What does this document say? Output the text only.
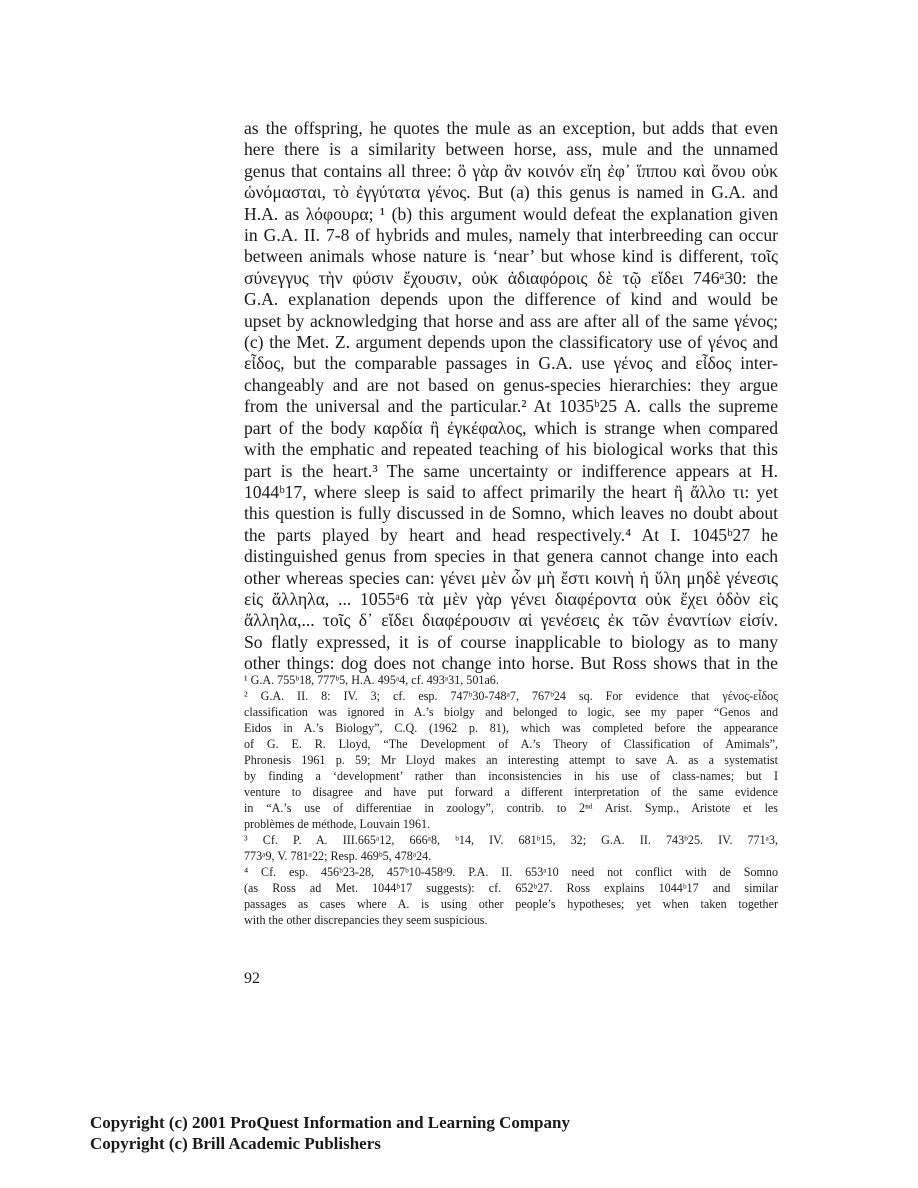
as the offspring, he quotes the mule as an exception, but adds that even
here there is a similarity between horse, ass, mule and the unnamed
genus that contains all three: ὃ γὰρ ἂν κοινόν εἴη ἐφ᾽ ἵππου καὶ ὄνου οὐκ
ὠνόμασται, τὸ ἐγγύτατα γένος. But (a) this genus is named in G.A. and
H.A. as λόφουρα; ¹ (b) this argument would defeat the explanation given
in G.A. II. 7-8 of hybrids and mules, namely that interbreeding can occur
between animals whose nature is ‘near’ but whose kind is different, τοῖς
σύνεγγυς τὴν φύσιν ἔχουσιν, οὐκ ἀδιαφόροις δὲ τῷ εἴδει 746ᵃ30: the
G.A. explanation depends upon the difference of kind and would be
upset by acknowledging that horse and ass are after all of the same γένος;
(c) the Met. Z. argument depends upon the classificatory use of γένος and
εἶδος, but the comparable passages in G.A. use γένος and εἶδος inter-
changeably and are not based on genus-species hierarchies: they argue
from the universal and the particular.² At 1035ᵇ25 A. calls the supreme
part of the body καρδία ἢ ἐγκέφαλος, which is strange when compared
with the emphatic and repeated teaching of his biological works that this
part is the heart.³ The same uncertainty or indifference appears at H.
1044ᵇ17, where sleep is said to affect primarily the heart ἢ ἄλλο τι: yet
this question is fully discussed in de Somno, which leaves no doubt about
the parts played by heart and head respectively.⁴ At I. 1045ᵇ27 he
distinguished genus from species in that genera cannot change into each
other whereas species can: γένει μὲν ὧν μὴ ἔστι κοινὴ ἡ ὕλη μηδὲ γένεσις
εἰς ἄλληλα, ... 1055ᵃ6 τὰ μὲν γὰρ γένει διαφέροντα οὐκ ἔχει ὁδὸν εἰς
ἄλληλα,... τοῖς δ᾽ εἴδει διαφέρουσιν αἱ γενέσεις ἐκ τῶν ἐναντίων εἰσίν.
So flatly expressed, it is of course inapplicable to biology as to many
other things: dog does not change into horse. But Ross shows that in the
¹ G.A. 755ᵇ18, 777ᵇ5, H.A. 495ᵃ4, cf. 493ᵃ31, 501a6.
² G.A. II. 8: IV. 3; cf. esp. 747ᵇ30-748ᵃ7, 767ᵇ24 sq. For evidence that γένος-εἶδος
classification was ignored in A.’s biolgy and belonged to logic, see my paper “Genos and
Eidos in A.’s Biology”, C.Q. (1962 p. 81), which was completed before the appearance
of G. E. R. Lloyd, “The Development of A.’s Theory of Classification of Amimals”,
Phronesis 1961 p. 59; Mr Lloyd makes an interesting attempt to save A. as a systematist
by finding a ‘development’ rather than inconsistencies in his use of class-names; but I
venture to disagree and have put forward a different interpretation of the same evidence
in “A.’s use of differentiae in zoology”, contrib. to 2ⁿᵈ Arist. Symp., Aristote et les
problèmes de méthode, Louvain 1961.
³ Cf. P. A. III.665ᵃ12, 666ᵃ8, ᵇ14, IV. 681ᵇ15, 32; G.A. II. 743ᵇ25. IV. 771ᵃ3,
773ᵃ9, V. 781ᵃ22; Resp. 469ᵇ5, 478ᵃ24.
⁴ Cf. esp. 456ᵇ23-28, 457ᵇ10-458ᵃ9. P.A. II. 653ᵃ10 need not conflict with de Somno
(as Ross ad Met. 1044ᵇ17 suggests): cf. 652ᵇ27. Ross explains 1044ᵇ17 and similar
passages as cases where A. is using other people’s hypotheses; yet when taken together
with the other discrepancies they seem suspicious.
92
Copyright (c) 2001 ProQuest Information and Learning Company
Copyright (c) Brill Academic Publishers
